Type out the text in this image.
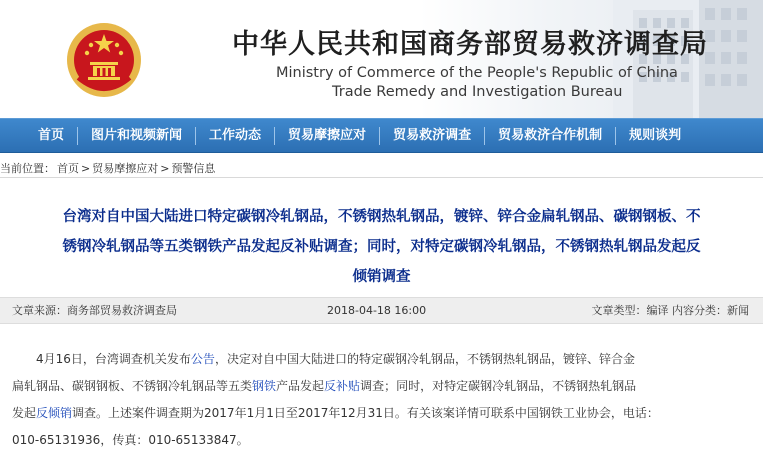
中华人民共和国商务部贸易救济调查局
Ministry of Commerce of the People's Republic of China
Trade Remedy and Investigation Bureau
首页	图片和视频新闻	工作动态	贸易摩擦应对	贸易救济调查	贸易救济合作机制	规则谈判
当前位置： 首页 > 贸易摩擦应对 > 预警信息
台湾对自中国大陆进口特定碳钢冷轧钢品，不锈钢热轧钢品，镀锌、锌合金扁轧钢品、碳钢钢板、不
锈钢冷轧钢品等五类钢铁产品发起反补贴调查；同时，对特定碳钢冷轧钢品，不锈钢热轧钢品发起反
倾销调查
文章来源：商务部贸易救济调查局	2018-04-18 16:00	文章类型：编译 内容分类：新闻
　　4月16日，台湾调查机关发布公告，决定对自中国大陆进口的特定碳钢冷轧钢品，不锈钢热轧钢品，镀锌、锌合金
扁轧钢品、碳钢钢板、不锈钢冷轧钢品等五类钢铁产品发起反补贴调查；同时，对特定碳钢冷轧钢品，不锈钢热轧钢品
发起反倾销调查。上述案件调查期为2017年1月1日至2017年12月31日。有关该案详情可联系中国钢铁工业协会，电话：
010-65131936，传真：010-65133847。
